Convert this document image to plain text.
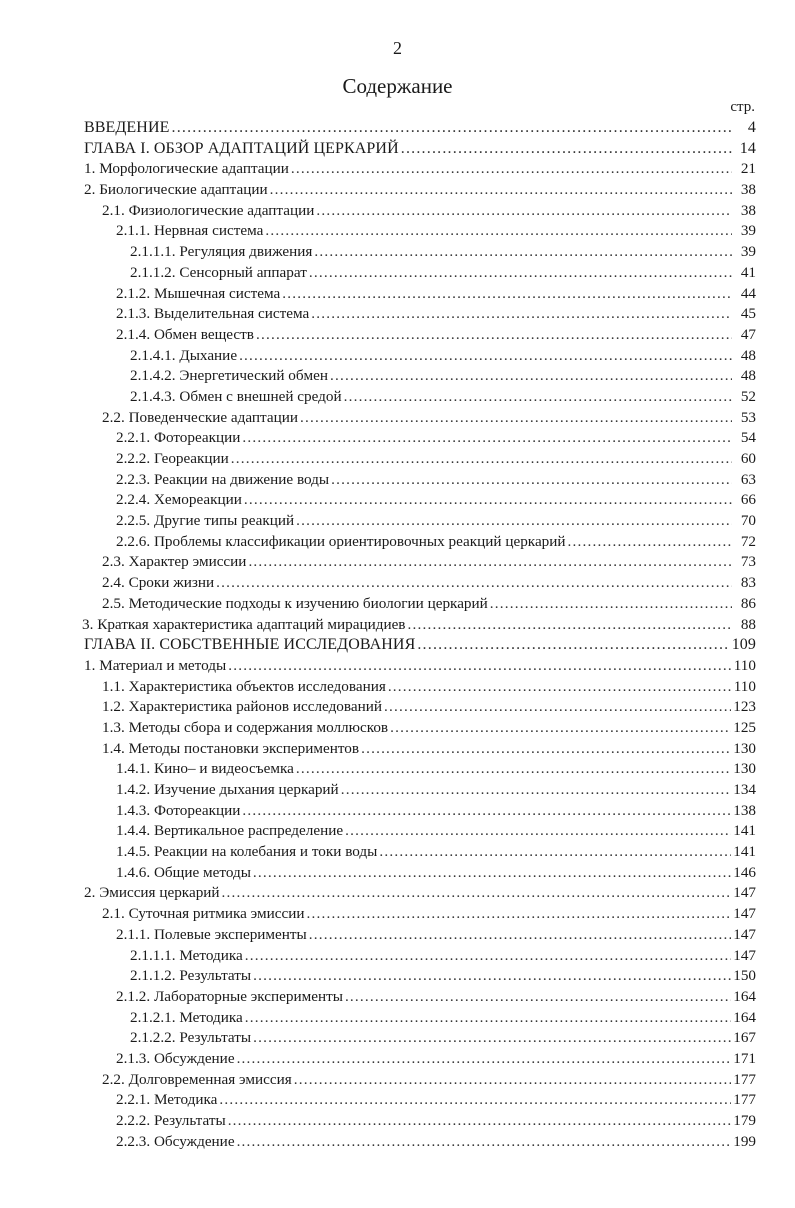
2
Содержание
стр.
ВВЕДЕНИЕ .....	4
ГЛАВА I. ОБЗОР АДАПТАЦИЙ ЦЕРКАРИЙ .....	14
1. Морфологические адаптации .....	21
2. Биологические адаптации .....	38
2.1. Физиологические адаптации .....	38
2.1.1. Нервная система .....	39
2.1.1.1. Регуляция движения .....	39
2.1.1.2. Сенсорный аппарат .....	41
2.1.2. Мышечная система .....	44
2.1.3. Выделительная система .....	45
2.1.4. Обмен веществ .....	47
2.1.4.1. Дыхание .....	48
2.1.4.2. Энергетический обмен .....	48
2.1.4.3. Обмен с внешней средой .....	52
2.2. Поведенческие адаптации .....	53
2.2.1. Фотореакции .....	54
2.2.2. Георeакции .....	60
2.2.3. Реакции на движение воды .....	63
2.2.4. Хемореакции .....	66
2.2.5. Другие типы реакций .....	70
2.2.6. Проблемы классификации ориентировочных реакций церкарий .....	72
2.3. Характер эмиссии .....	73
2.4. Сроки жизни .....	83
2.5. Методические подходы к изучению биологии церкарий .....	86
3. Краткая характеристика адаптаций мирацидиев .....	88
ГЛАВА II. СОБСТВЕННЫЕ ИССЛЕДОВАНИЯ .....	109
1. Материал и методы .....	110
1.1. Характеристика объектов исследования .....	110
1.2. Характеристика районов исследований .....	123
1.3. Методы сбора и содержания моллюсков .....	125
1.4. Методы постановки экспериментов .....	130
1.4.1. Кино– и видеосъемка .....	130
1.4.2. Изучение дыхания церкарий .....	134
1.4.3. Фотореакции .....	138
1.4.4. Вертикальное распределение .....	141
1.4.5. Реакции на колебания и токи воды .....	141
1.4.6. Общие методы .....	146
2. Эмиссия церкарий .....	147
2.1. Суточная ритмика эмиссии .....	147
2.1.1. Полевые эксперименты .....	147
2.1.1.1. Методика .....	147
2.1.1.2. Результаты .....	150
2.1.2. Лабораторные эксперименты .....	164
2.1.2.1. Методика .....	164
2.1.2.2. Результаты .....	167
2.1.3. Обсуждение .....	171
2.2. Долговременная эмиссия .....	177
2.2.1. Методика .....	177
2.2.2. Результаты .....	179
2.2.3. Обсуждение .....	199
